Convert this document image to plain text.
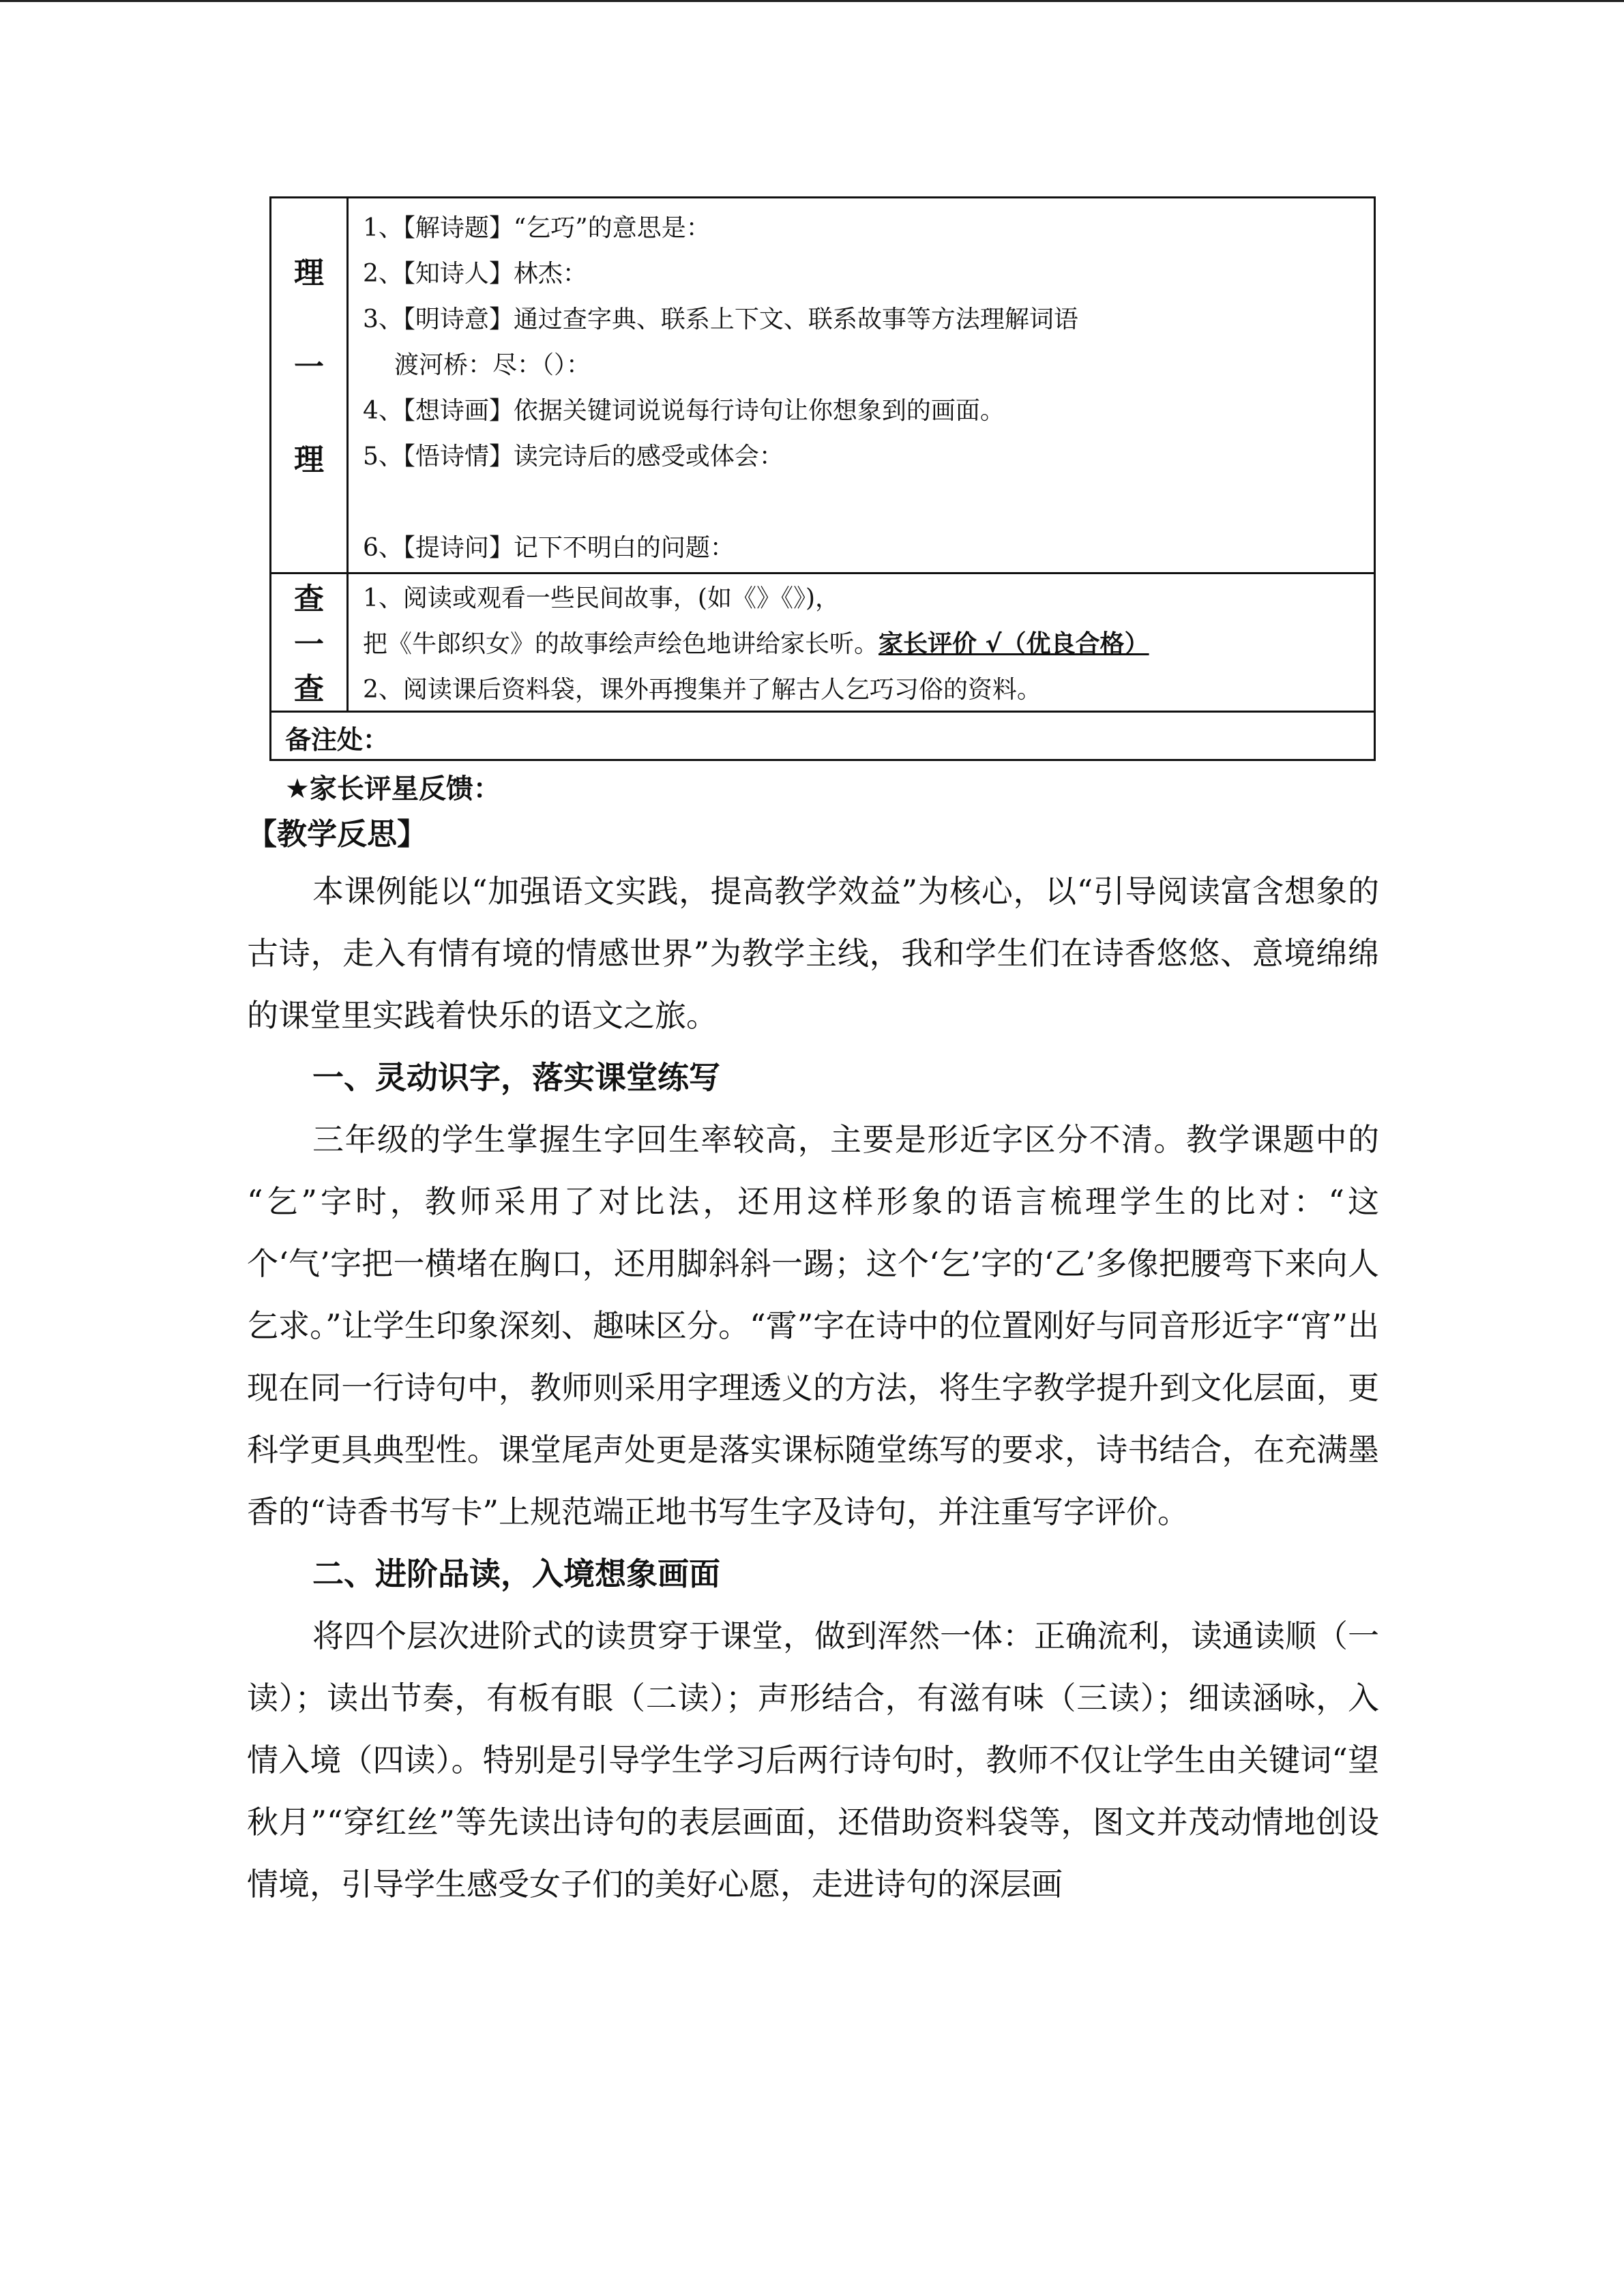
理
一
理
1、【解诗题】“乞巧”的意思是：
2、【知诗人】林杰：
3、【明诗意】通过查字典、联系上下文、联系故事等方法理解词语
渡河桥：尽：（）：
4、【想诗画】依据关键词说说每行诗句让你想象到的画面。
5、【悟诗情】读完诗后的感受或体会：
6、【提诗问】记下不明白的问题：
查
一
查
1、阅读或观看一些民间故事，(如《》《》)，
把《牛郎织女》的故事绘声绘色地讲给家长听。家长评价 √（优良合格）
2、阅读课后资料袋，课外再搜集并了解古人乞巧习俗的资料。
备注处：
★家长评星反馈：
【教学反思】

本课例能以“加强语文实践，提高教学效益”为核心，以“引导阅读富含想象的古诗，走入有情有境的情感世界”为教学主线，我和学生们在诗香悠悠、意境绵绵的课堂里实践着快乐的语文之旅。

一、灵动识字，落实课堂练写

三年级的学生掌握生字回生率较高，主要是形近字区分不清。教学课题中的 “乞”字时，教师采用了对比法，还用这样形象的语言梳理学生的比对：“这个‘气’字把一横堵在胸口，还用脚斜斜一踢；这个‘乞’字的‘乙’多像把腰弯下来向人乞求。”让学生印象深刻、趣味区分。“霄”字在诗中的位置刚好与同音形近字“宵”出现在同一行诗句中，教师则采用字理透义的方法，将生字教学提升到文化层面，更科学更具典型性。课堂尾声处更是落实课标随堂练写的要求，诗书结合，在充满墨香的“诗香书写卡”上规范端正地书写生字及诗句，并注重写字评价。

二、进阶品读，入境想象画面

将四个层次进阶式的读贯穿于课堂，做到浑然一体：正确流利，读通读顺（一读）；读出节奏，有板有眼（二读）；声形结合，有滋有味（三读）；细读涵咏，入情入境（四读）。特别是引导学生学习后两行诗句时，教师不仅让学生由关键词“望秋月”“穿红丝”等先读出诗句的表层画面，还借助资料袋等，图文并茂动情地创设情境，引导学生感受女子们的美好心愿，走进诗句的深层画
